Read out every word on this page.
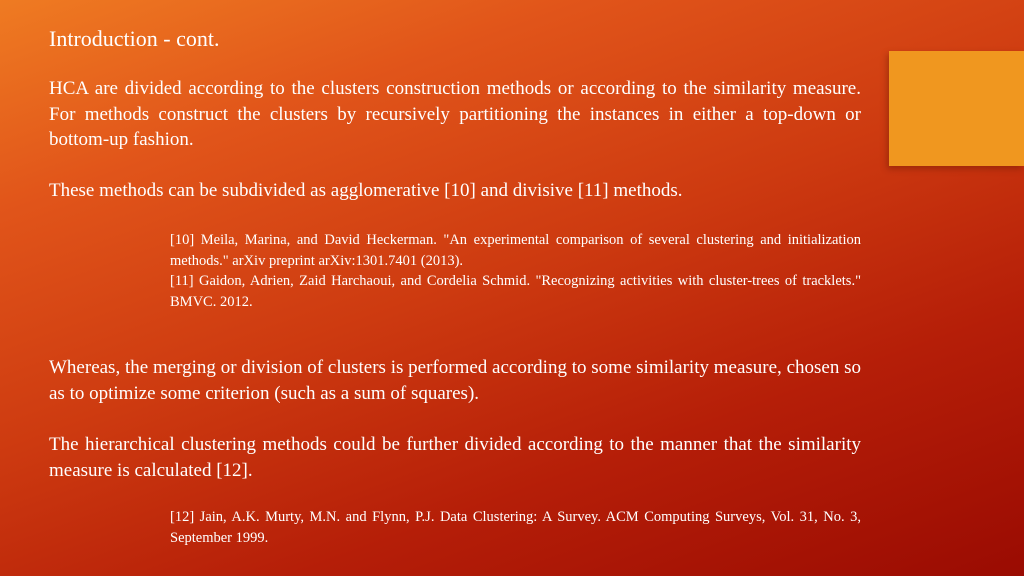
Introduction - cont.

HCA are divided according to the clusters construction methods or according to the similarity measure. For methods construct the clusters by recursively partitioning the instances in either a top-down or bottom-up fashion.

These methods can be subdivided as agglomerative [10] and divisive [11] methods.

[10] Meila, Marina, and David Heckerman. "An experimental comparison of several clustering and initialization methods." arXiv preprint arXiv:1301.7401 (2013).
[11] Gaidon, Adrien, Zaid Harchaoui, and Cordelia Schmid. "Recognizing activities with cluster-trees of tracklets." BMVC. 2012.

Whereas, the merging or division of clusters is performed according to some similarity measure, chosen so as to optimize some criterion (such as a sum of squares).

The hierarchical clustering methods could be further divided according to the manner that the similarity measure is calculated [12].

[12] Jain, A.K. Murty, M.N. and Flynn, P.J. Data Clustering: A Survey. ACM Computing Surveys, Vol. 31, No. 3, September 1999.
